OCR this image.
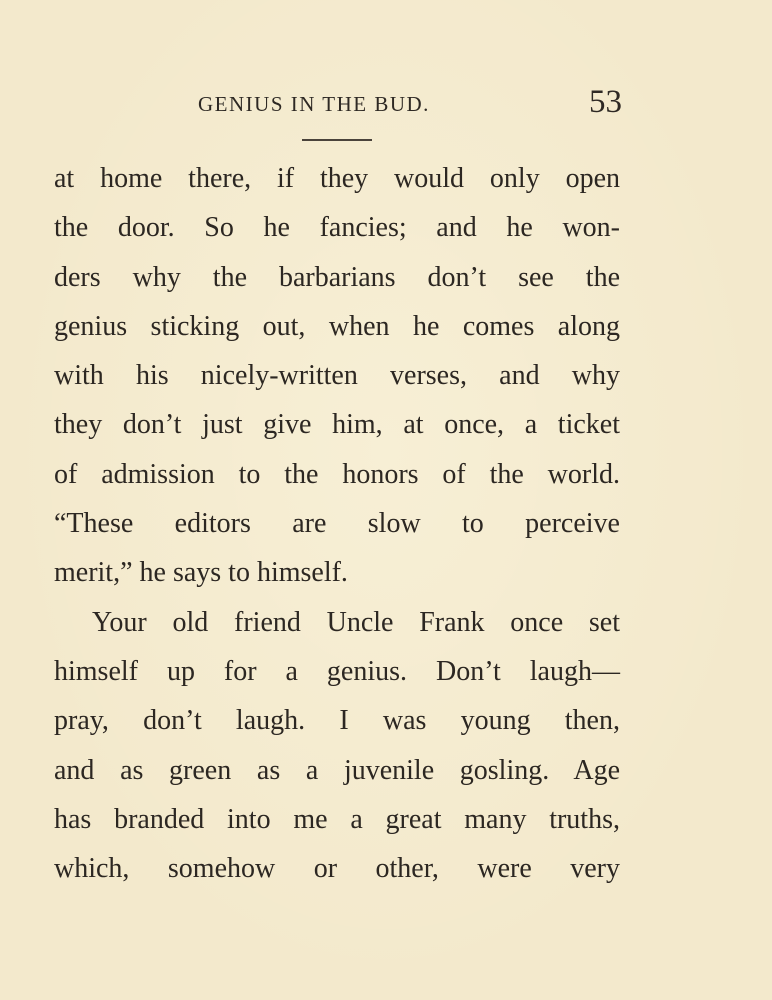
GENIUS IN THE BUD.	53
at home there, if they would only open
the door. So he fancies; and he won-
ders why the barbarians don’t see the
genius sticking out, when he comes along
with his nicely-written verses, and why
they don’t just give him, at once, a ticket
of admission to the honors of the world.
“These editors are slow to perceive
merit,” he says to himself.
Your old friend Uncle Frank once set
himself up for a genius. Don’t laugh—
pray, don’t laugh. I was young then,
and as green as a juvenile gosling. Age
has branded into me a great many truths,
which, somehow or other, were very
